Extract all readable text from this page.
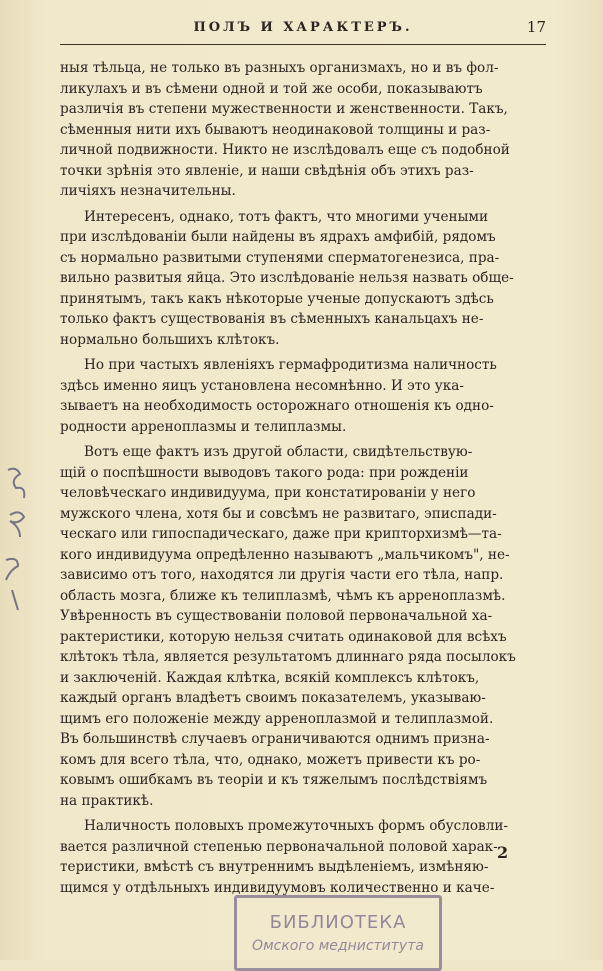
ПОЛЪ И ХАРАКТЕРЪ.	17

ныя тѣльца, не только въ разныхъ организмахъ, но и въ фол-
ликулахъ и въ сѣмени одной и той же особи, показываютъ
различія въ степени мужественности и женственности. Такъ,
сѣменныя нити ихъ бываютъ неодинаковой толщины и раз-
личной подвижности. Никто не изслѣдовалъ еще съ подобной
точки зрѣнія это явленіе, и наши свѣдѣнія объ этихъ раз-
личіяхъ незначительны.

Интересенъ, однако, тотъ фактъ, что многими учеными
при изслѣдованіи были найдены въ ядрахъ амфибій, рядомъ
съ нормально развитыми ступенями сперматогенезиса, пра-
вильно развитыя яйца. Это изслѣдованіе нельзя назвать обще-
принятымъ, такъ какъ нѣкоторые ученые допускаютъ здѣсь
только фактъ существованія въ сѣменныхъ канальцахъ не-
нормально большихъ клѣтокъ.

Но при частыхъ явленіяхъ гермафродитизма наличность
здѣсь именно яицъ установлена несомнѣнно. И это ука-
зываетъ на необходимость осторожнаго отношенія къ одно-
родности арреноплазмы и телиплазмы.

Вотъ еще фактъ изъ другой области, свидѣтельствую-
щій о поспѣшности выводовъ такого рода: при рожденіи
человѣческаго индивидуума, при констатированіи у него
мужского члена, хотя бы и совсѣмъ не развитаго, эписпади-
ческаго или гипоспадическаго, даже при крипторхизмѣ—та-
кого индивидуума опредѣленно называютъ „мальчикомъ", не-
зависимо отъ того, находятся ли другія части его тѣла, напр.
область мозга, ближе къ телиплазмѣ, чѣмъ къ арреноплазмѣ.
Увѣренность въ существованіи половой первоначальной ха-
рактеристики, которую нельзя считать одинаковой для всѣхъ
клѣтокъ тѣла, является результатомъ длиннаго ряда посылокъ
и заключеній. Каждая клѣтка, всякій комплексъ клѣтокъ,
каждый органъ владѣетъ своимъ показателемъ, указываю-
щимъ его положеніе между арреноплазмой и телиплазмой.
Въ большинствѣ случаевъ ограничиваются однимъ призна-
комъ для всего тѣла, что, однако, можетъ привести къ ро-
ковымъ ошибкамъ въ теоріи и къ тяжелымъ послѣдствіямъ
на практикѣ.

Наличность половыхъ промежуточныхъ формъ обусловли-
вается различной степенью первоначальной половой харак-
теристики, вмѣстѣ съ внутреннимъ выдѣленіемъ, измѣняю-
щимся у отдѣльныхъ индивидуумовъ количественно и каче-

2
БИБЛИОТЕКА
Омского медниститута
